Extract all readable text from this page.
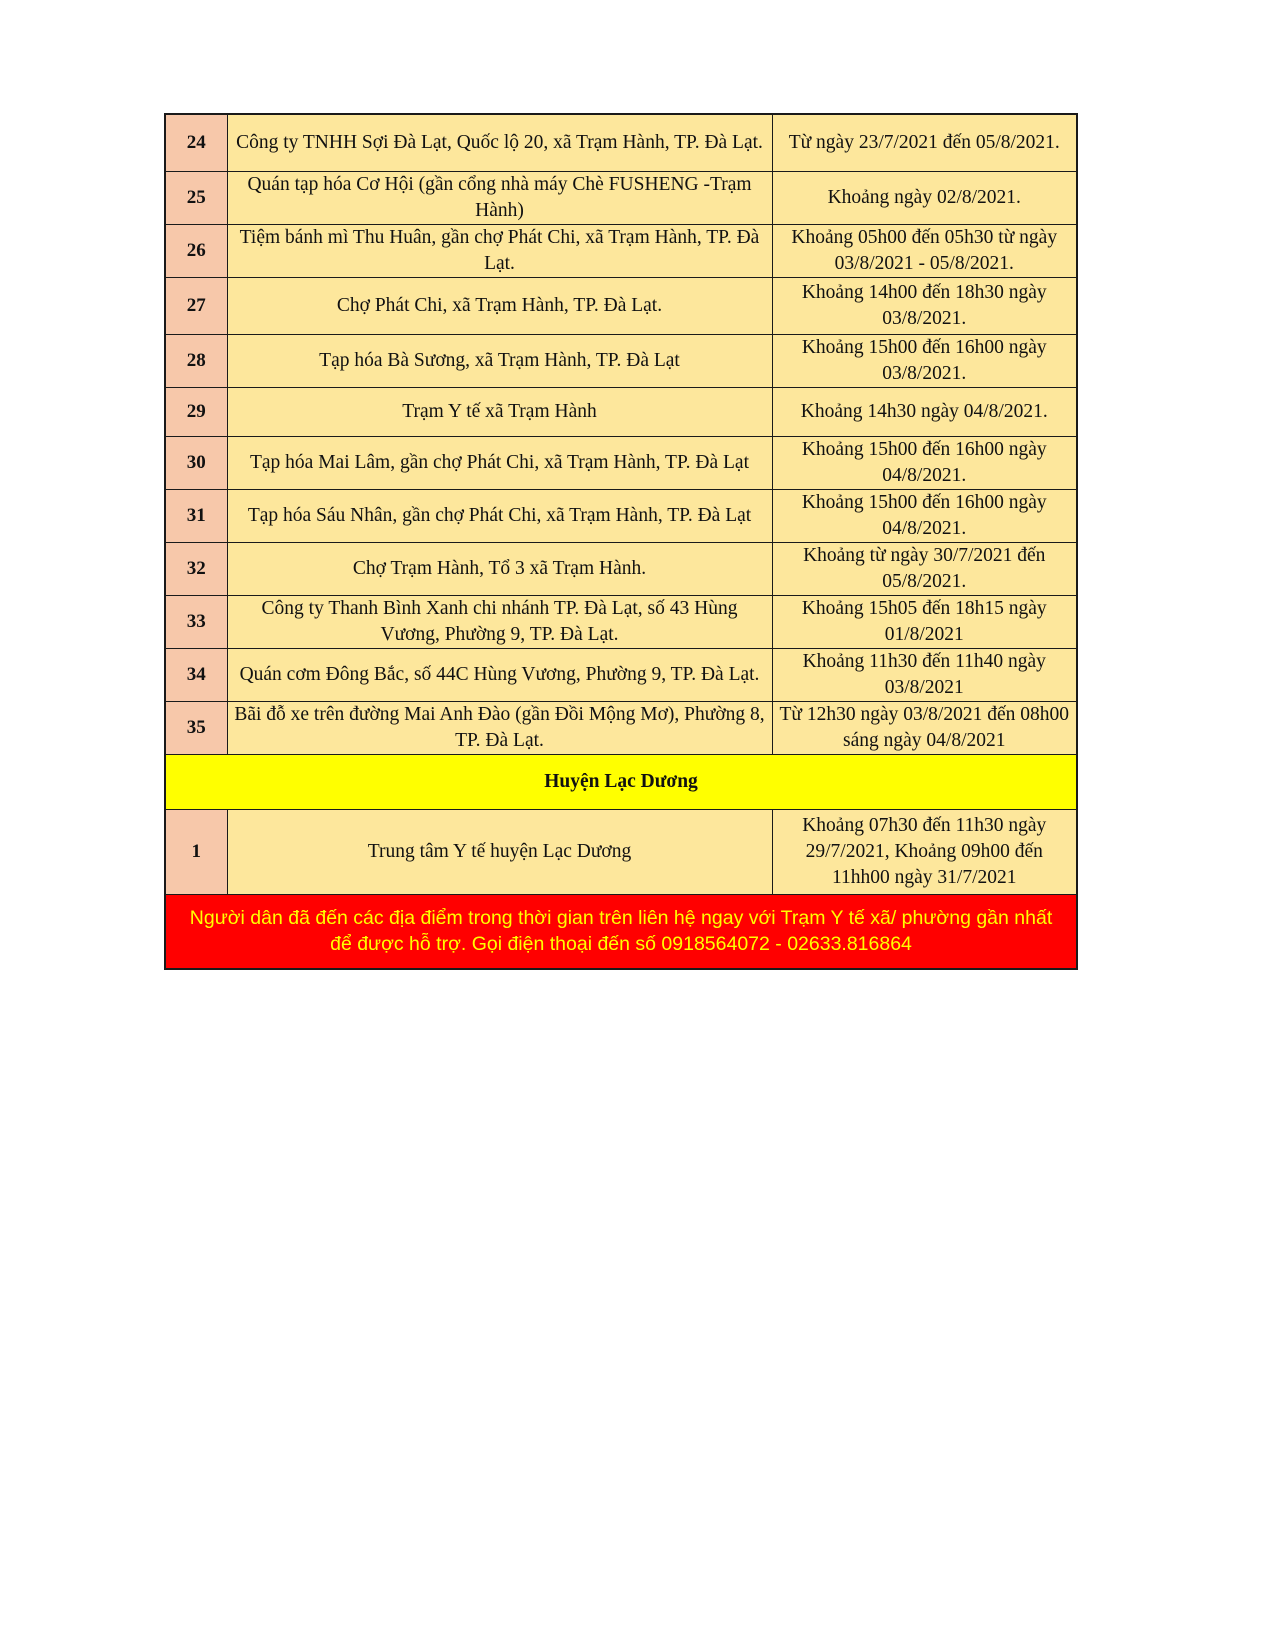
24	Công ty TNHH Sợi Đà Lạt, Quốc lộ 20, xã Trạm Hành, TP. Đà Lạt.	Từ ngày 23/7/2021 đến 05/8/2021.
25	Quán tạp hóa Cơ Hội (gần cổng nhà máy Chè FUSHENG -Trạm Hành)	Khoảng ngày 02/8/2021.
26	Tiệm bánh mì Thu Huân, gần chợ Phát Chi, xã Trạm Hành, TP. Đà Lạt.	Khoảng 05h00 đến 05h30 từ ngày 03/8/2021 - 05/8/2021.
27	Chợ Phát Chi, xã Trạm Hành, TP. Đà Lạt.	Khoảng 14h00 đến 18h30 ngày 03/8/2021.
28	Tạp hóa Bà Sương, xã Trạm Hành, TP. Đà Lạt	Khoảng 15h00 đến 16h00 ngày 03/8/2021.
29	Trạm Y tế xã Trạm Hành	Khoảng 14h30 ngày 04/8/2021.
30	Tạp hóa Mai Lâm, gần chợ Phát Chi, xã Trạm Hành, TP. Đà Lạt	Khoảng 15h00 đến 16h00 ngày 04/8/2021.
31	Tạp hóa Sáu Nhân, gần chợ Phát Chi, xã Trạm Hành, TP. Đà Lạt	Khoảng 15h00 đến 16h00 ngày 04/8/2021.
32	Chợ Trạm Hành, Tổ 3 xã Trạm Hành.	Khoảng từ ngày 30/7/2021 đến 05/8/2021.
33	Công ty Thanh Bình Xanh chi nhánh TP. Đà Lạt, số 43 Hùng Vương, Phường 9, TP. Đà Lạt.	Khoảng 15h05 đến 18h15 ngày 01/8/2021
34	Quán cơm Đông Bắc, số 44C Hùng Vương, Phường 9, TP. Đà Lạt.	Khoảng 11h30 đến 11h40 ngày 03/8/2021
35	Bãi đỗ xe trên đường Mai Anh Đào (gần Đồi Mộng Mơ), Phường 8, TP. Đà Lạt.	Từ 12h30 ngày 03/8/2021 đến 08h00 sáng ngày 04/8/2021
Huyện Lạc Dương		
1	Trung tâm Y tế huyện Lạc Dương	Khoảng 07h30 đến 11h30 ngày 29/7/2021, Khoảng 09h00 đến 11hh00 ngày 31/7/2021
Người dân đã đến các địa điểm trong thời gian trên liên hệ ngay với Trạm Y tế xã/ phường gần nhất để được hỗ trợ. Gọi điện thoại đến số 0918564072 - 02633.816864		
